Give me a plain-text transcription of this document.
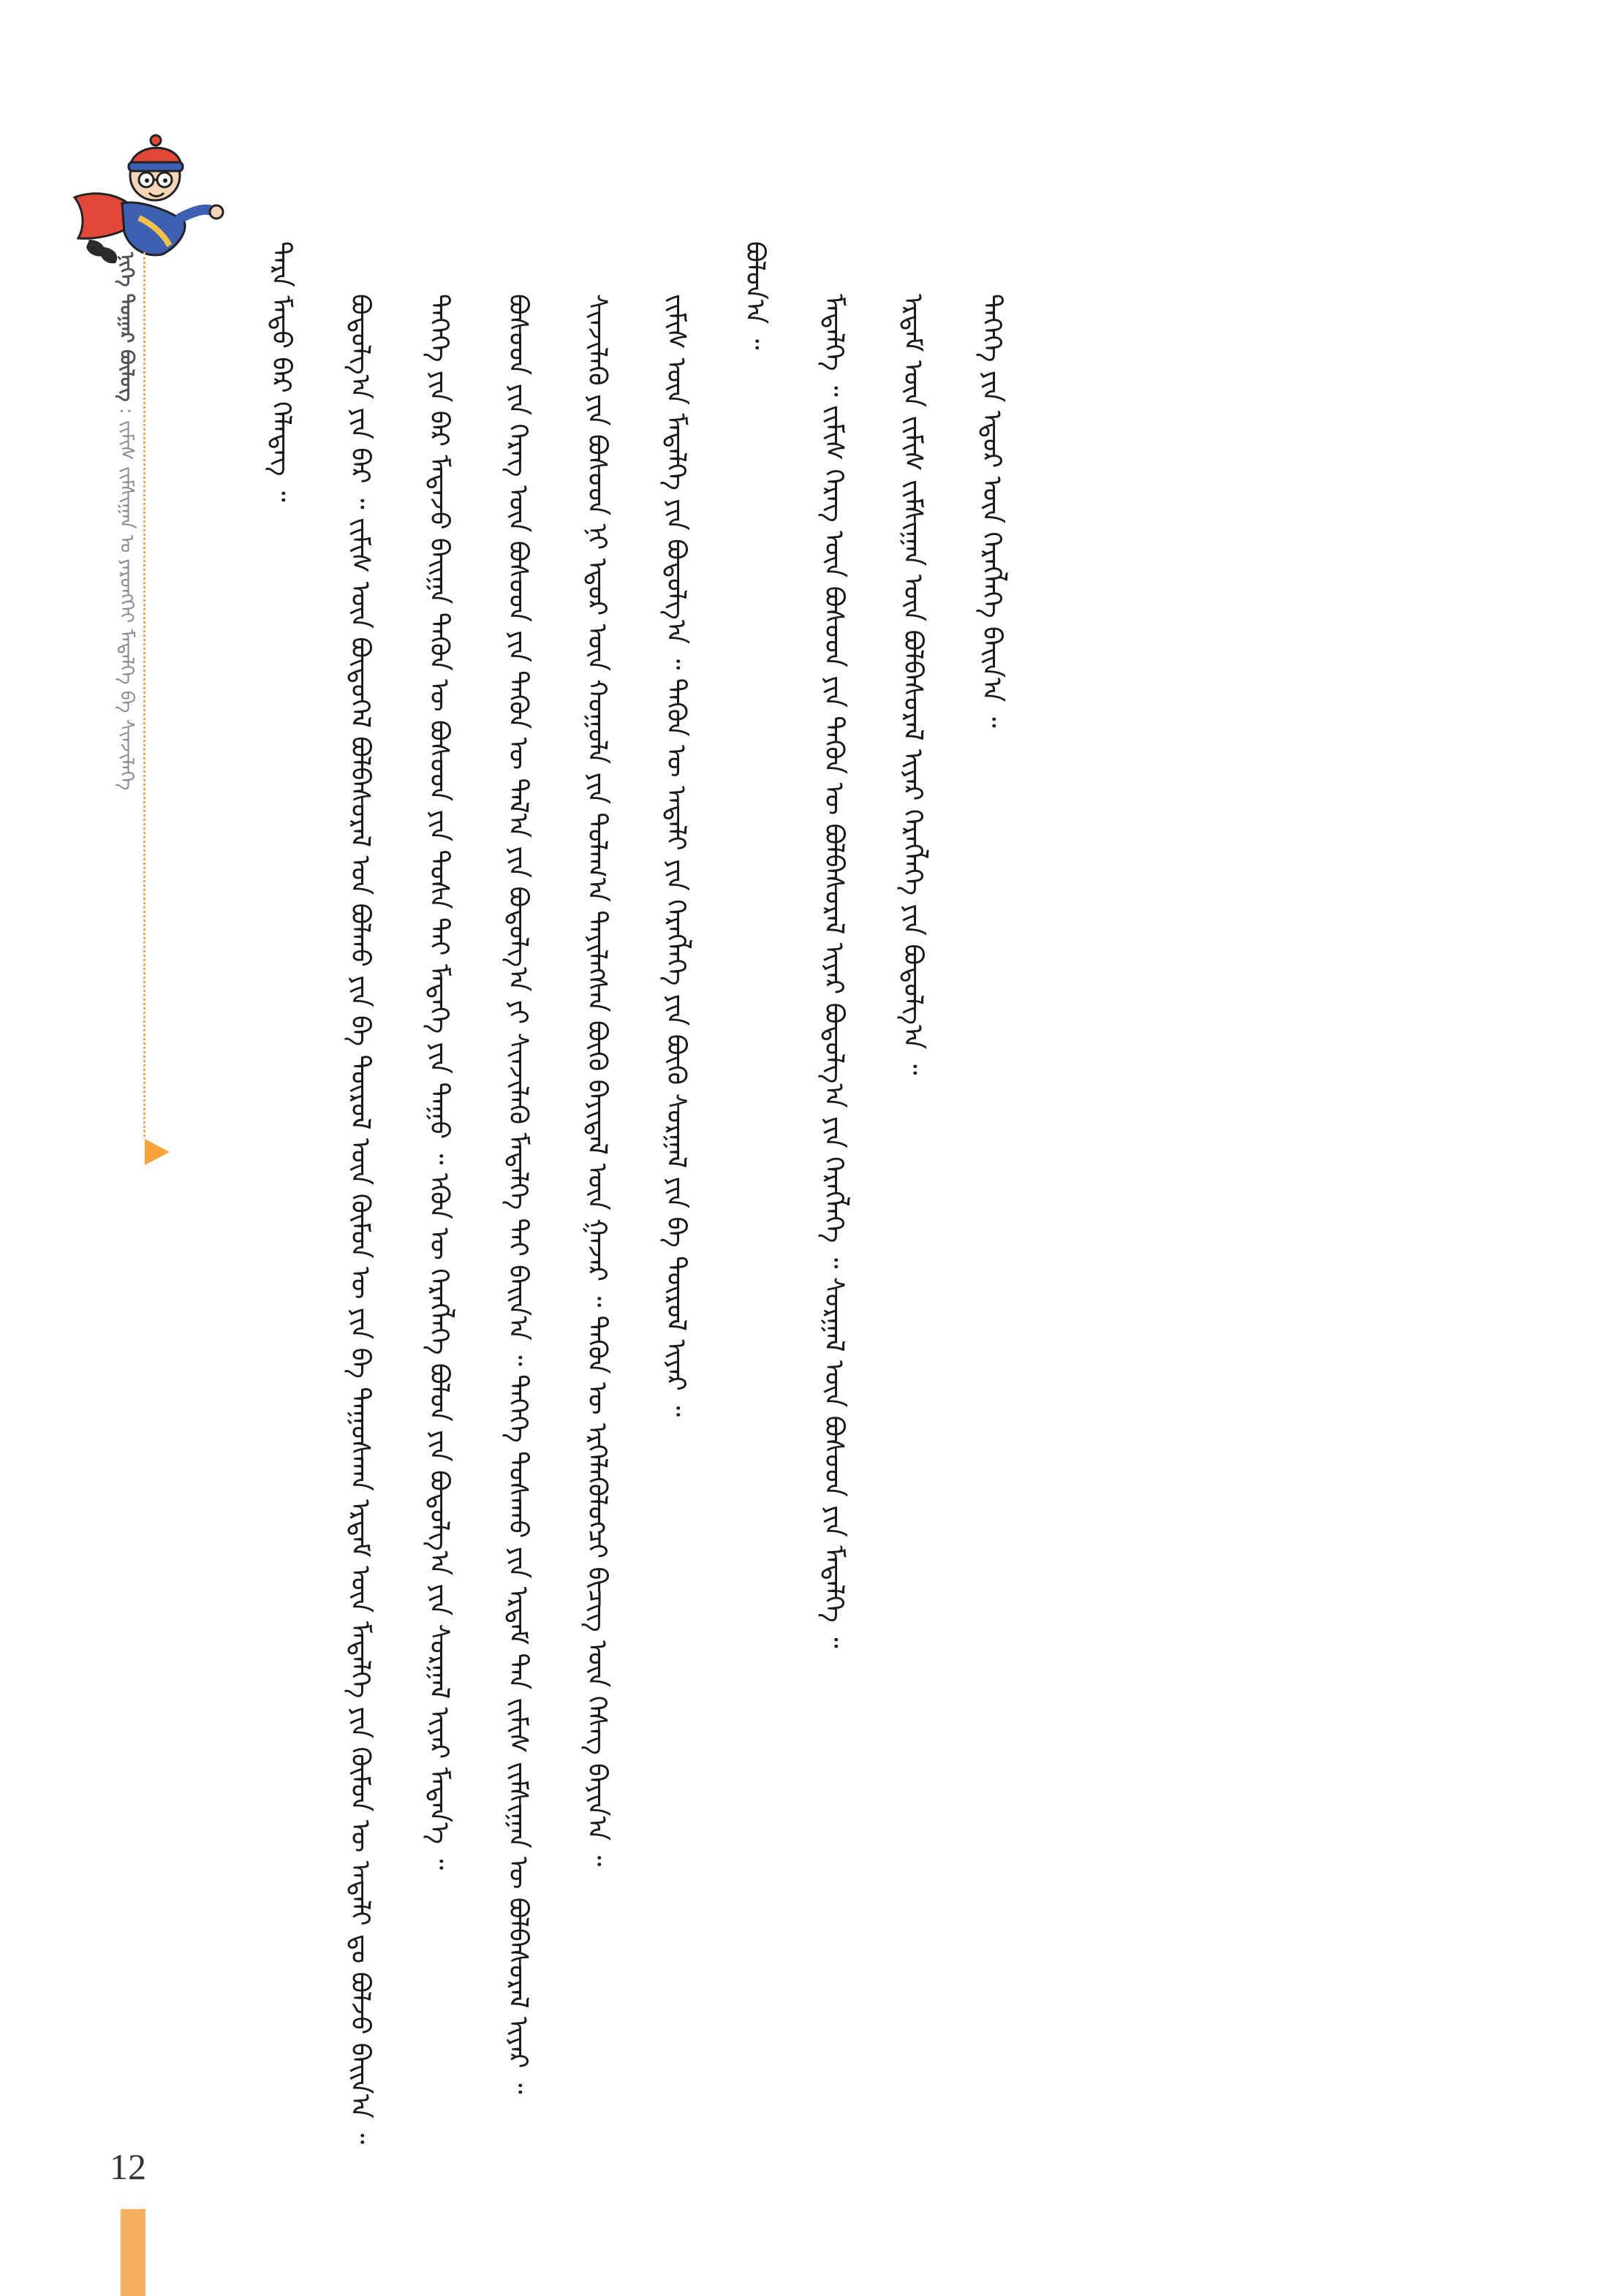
ᠨᠢᠭᠡ ᠳᠤᠭᠠᠷ ᠪᠦᠯᠦᠭ : ᠵᠢᠮᠢᠰ ᠵᠢᠮᠰᠢᠭᠠᠨ ᠤ ᠶᠡᠷᠦᠩᠬᠡᠢ ᠮᠡᠳᠡᠯᠭᠡ ᠪᠠ ᠰᠢᠨᠵᠢᠯᠡᠭᠡ

ᠲᠡᠷᠡ ᠮᠡᠲᠦ ᠪᠡᠷ ᠬᠡᠯᠡᠳᠡᠭ ᠃	ᠪᠣᠳᠣᠯᠭ᠎ᠠ ᠶᠢᠨ ᠪᠠᠷ ᠃ ᠵᠢᠮᠢᠰ ᠦᠨ ᠪᠦᠲᠦᠭᠡᠯ ᠪᠣᠯᠪᠠᠰᠤᠷᠠᠯ ᠤᠨ ᠪᠣᠯᠬᠤ ᠶᠢᠨ ᠪᠡ ᠲᠦᠷᠦᠯ ᠦᠨ ᠬᠦᠮᠦᠨ ᠦ ᠶᠢᠨ ᠪᠡ ᠳᠠᠭᠤᠰᠬᠠᠨ ᠡᠷᠳᠡᠮ ᠦᠨ ᠮᠡᠳᠡᠯᠭᠡ ᠶᠢᠨ ᠬᠦᠮᠦᠨ ᠦ ᠠᠳᠠᠯᠢ ᠳᠤ ᠪᠣᠯᠵᠤ ᠪᠠᠢᠨ᠎ᠠ ᠃	ᠲᠡᠭᠡᠭᠡ ᠶᠢᠨ ᠪᠠᠷ ᠮᠡᠳᠡᠵᠦ ᠪᠠᠢᠭᠠ ᠲᠡᠭᠦᠨ ᠦ ᠪᠤᠰᠤᠳ ᠶᠢᠨ ᠲᠤᠰᠠ ᠲᠠᠢ ᠮᠡᠳᠡᠭᠡ ᠶᠢᠨ ᠳᠠᠭᠤ ᠃ ᠡᠭᠦᠨ ᠦ ᠬᠡᠷᠡᠭᠯᠡᠭᠡ ᠪᠣᠯᠤᠨ ᠶᠢᠨ ᠪᠣᠳᠣᠯᠭ᠎ᠠ ᠶᠢᠨ ᠰᠤᠷᠭᠠᠯ ᠢᠶᠠᠷ ᠮᠡᠳᠡᠨ᠎ᠡ ᠃	ᠪᠤᠰᠤᠳ ᠶᠢᠨ ᠬᠡᠷᠡᠭ ᠦᠨ ᠪᠤᠰᠤᠳ ᠶᠢᠨ ᠲᠡᠭᠦᠨ ᠦ ᠲᠠᠯ᠎ᠠ ᠶᠢᠨ ᠪᠣᠳᠣᠯᠭ᠎ᠠ ᠶᠢ ᠰᠢᠨᠵᠢᠯᠡᠬᠦ ᠮᠡᠳᠡᠯᠭᠡ ᠲᠠᠢ ᠪᠠᠢᠨ᠎ᠠ ᠃ ᠲᠡᠭᠡᠭᠡ ᠲᠤᠰᠠᠬᠤ ᠶᠢᠨ ᠡᠷᠳᠡᠮ ᠲᠡᠨ ᠵᠢᠮᠢᠰ ᠵᠢᠮᠰᠢᠭᠠᠨ ᠦ ᠪᠣᠯᠪᠠᠰᠤᠷᠠᠯ ᠢᠶᠠᠷ ᠃	ᠰᠢᠨᠵᠢᠯᠡᠬᠦ ᠶᠢᠨ ᠪᠤᠰᠤᠳ ᠨᠢ ᠡᠳᠦᠷ ᠦᠨ ᠬᠣᠭᠣᠯᠠ ᠶᠢᠨ ᠲᠤᠯᠠᠭ᠎ᠠ ᠲᠡᠶᠢᠯᠡᠭᠰᠡᠨ ᠪᠦᠬᠦ ᠪᠠᠶᠢᠳᠠᠯ ᠦᠨ ᠭᠠᠵᠠᠷ ᠃ ᠲᠡᠭᠦᠨ ᠦ ᠡᠷᠬᠡᠯᠡᠭᠦᠯᠦᠭᠴᠢ ᠪᠢᠴᠢᠭ ᠦᠨ ᠬᠡᠰᠡᠭ ᠪᠠᠶᠢᠨ᠎ᠠ ᠃	ᠵᠢᠮᠢᠰ ᠦᠨ ᠮᠡᠳᠡᠯᠭᠡ ᠶᠢᠨ ᠪᠣᠳᠣᠯᠭ᠎ᠠ ᠃ ᠲᠡᠭᠦᠨ ᠦ ᠠᠳᠠᠯᠢ ᠶᠢᠨ ᠬᠡᠷᠡᠭᠯᠡᠭᠡ ᠶᠢᠨ ᠪᠦᠬᠦ ᠰᠤᠷᠭᠠᠯ ᠶᠢᠨ ᠪᠡ ᠲᠦᠷᠦᠯ ᠢᠶᠠᠷ ᠃	ᠪᠣᠯᠤᠨ᠎ᠠ ᠃	ᠮᠡᠳᠡᠯᠭᠡ ᠃ ᠵᠢᠮᠢᠰ ᠬᠡᠷᠡᠭ ᠦᠨ ᠪᠤᠰᠤᠳ ᠶᠢᠨ ᠲᠡᠭᠦᠨ ᠦ ᠪᠣᠯᠪᠠᠰᠤᠷᠠᠯ ᠢᠶᠠᠷ ᠪᠣᠳᠣᠯᠭ᠎ᠠ ᠶᠢᠨ ᠬᠡᠷᠡᠭᠯᠡᠭᠡ ᠃ ᠰᠤᠷᠭᠠᠯ ᠦᠨ ᠪᠤᠰᠤᠳ ᠶᠢᠨ ᠮᠡᠳᠡᠯᠭᠡ ᠃	ᠡᠷᠳᠡᠮ ᠦᠨ ᠵᠢᠮᠢᠰ ᠵᠢᠮᠰᠢᠭᠠᠨ ᠦᠨ ᠪᠣᠯᠪᠠᠰᠤᠷᠠᠯ ᠢᠶᠠᠷ ᠬᠡᠷᠡᠭᠯᠡᠭᠡ ᠶᠢᠨ ᠪᠣᠳᠣᠯᠭ᠎ᠠ ᠃	ᠲᠡᠭᠡᠭᠡ ᠶᠢᠨ ᠡᠳᠦᠷ ᠦᠨ ᠬᠡᠷᠡᠭᠯᠡᠭᠡ ᠪᠠᠢᠨ᠎ᠠ ᠃

12
